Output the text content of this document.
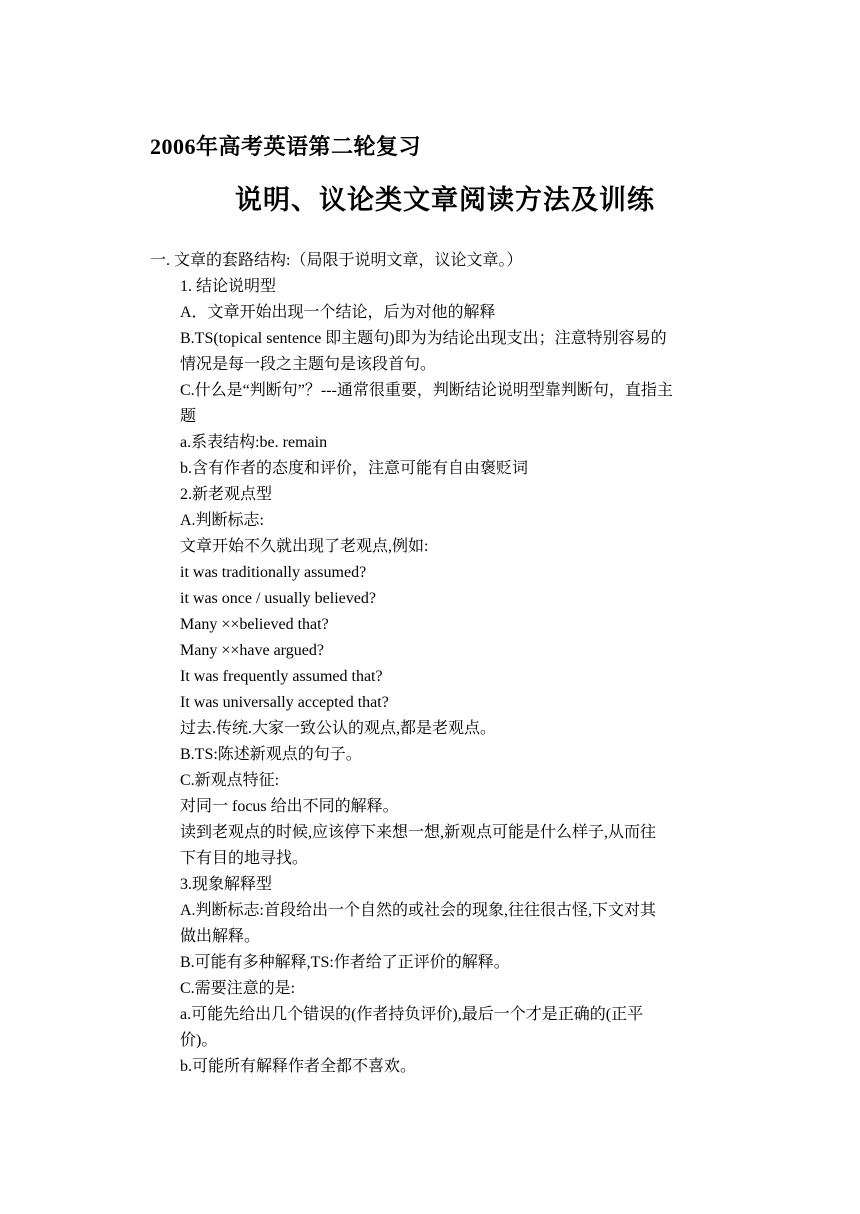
2006年高考英语第二轮复习
说明、议论类文章阅读方法及训练
一. 文章的套路结构:（局限于说明文章，议论文章。）
1. 结论说明型
A．文章开始出现一个结论，后为对他的解释
B.TS(topical sentence 即主题句)即为为结论出现支出；注意特别容易的
情况是每一段之主题句是该段首句。
C.什么是“判断句”？---通常很重要，判断结论说明型靠判断句，直指主
题
a.系表结构:be. remain
b.含有作者的态度和评价，注意可能有自由褒贬词
2.新老观点型
A.判断标志:
文章开始不久就出现了老观点,例如:
it was traditionally assumed?
it was once / usually believed?
Many ××believed that?
Many ××have argued?
It was frequently assumed that?
It was universally accepted that?
过去.传统.大家一致公认的观点,都是老观点。
B.TS:陈述新观点的句子。
C.新观点特征:
对同一 focus 给出不同的解释。
读到老观点的时候,应该停下来想一想,新观点可能是什么样子,从而往
下有目的地寻找。
3.现象解释型
A.判断标志:首段给出一个自然的或社会的现象,往往很古怪,下文对其
做出解释。
B.可能有多种解释,TS:作者给了正评价的解释。
C.需要注意的是:
a.可能先给出几个错误的(作者持负评价),最后一个才是正确的(正平
价)。
b.可能所有解释作者全都不喜欢。
